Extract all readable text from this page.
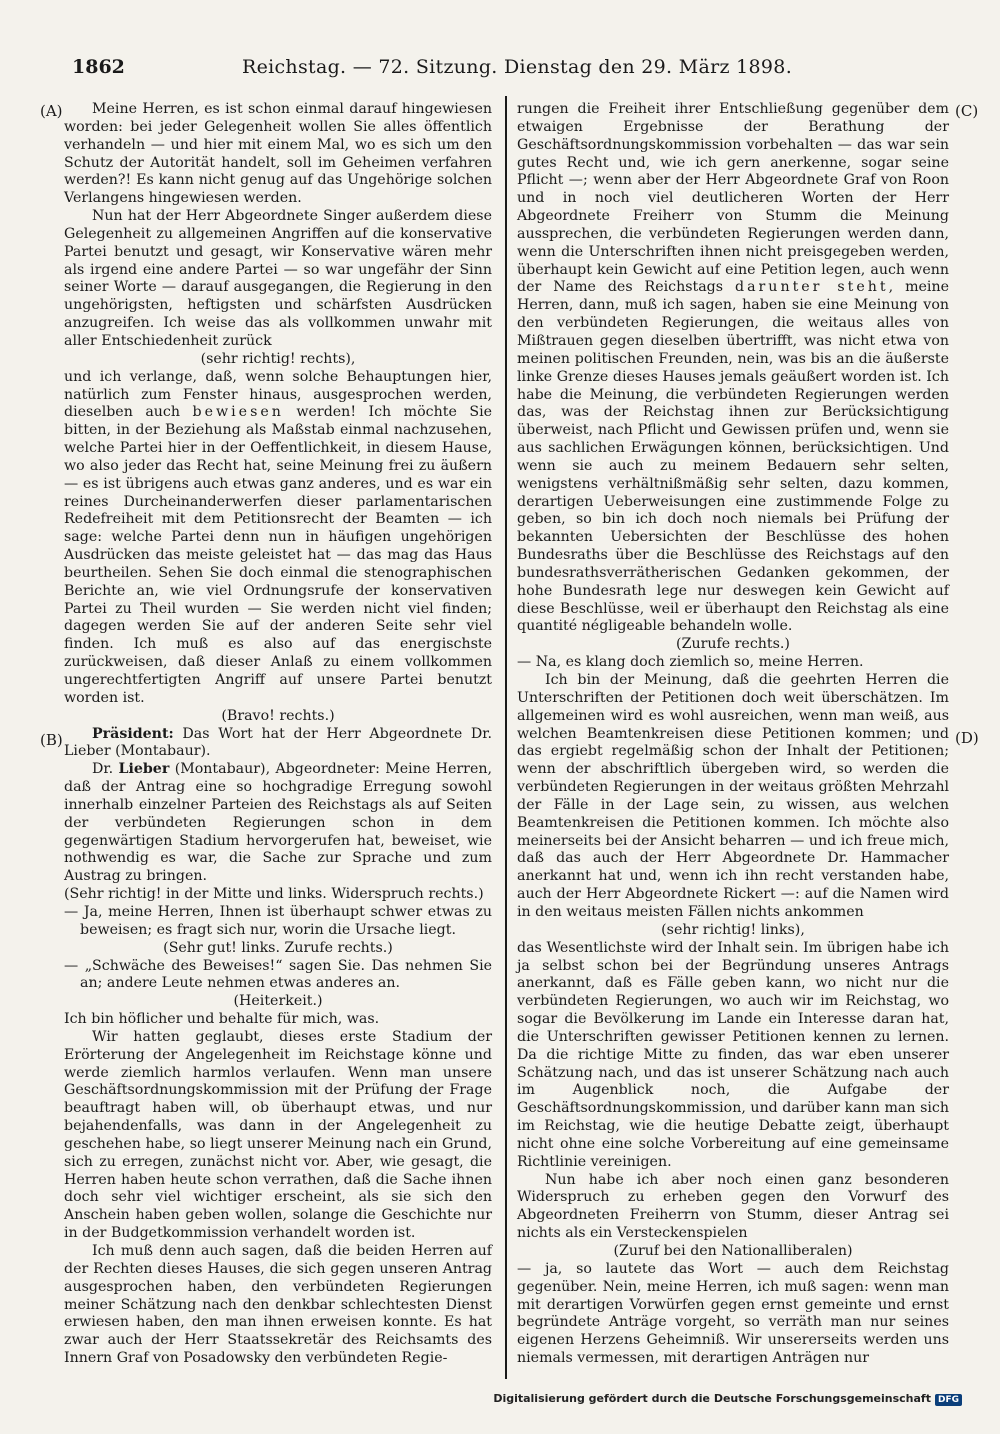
1862	Reichstag. — 72. Sitzung. Dienstag den 29. März 1898.
(A)
(B)
(C)
(D)

Meine Herren, es ist schon einmal darauf hingewiesen worden: bei jeder Gelegenheit wollen Sie alles öffentlich verhandeln — und hier mit einem Mal, wo es sich um den Schutz der Autorität handelt, soll im Geheimen verfahren werden?! Es kann nicht genug auf das Ungehörige solchen Verlangens hingewiesen werden.

Nun hat der Herr Abgeordnete Singer außerdem diese Gelegenheit zu allgemeinen Angriffen auf die konservative Partei benutzt und gesagt, wir Konservative wären mehr als irgend eine andere Partei — so war ungefähr der Sinn seiner Worte — darauf ausgegangen, die Regierung in den ungehörigsten, heftigsten und schärfsten Ausdrücken anzugreifen. Ich weise das als vollkommen unwahr mit aller Entschiedenheit zurück

(sehr richtig! rechts),

und ich verlange, daß, wenn solche Behauptungen hier, natürlich zum Fenster hinaus, ausgesprochen werden, dieselben auch bewiesen werden! Ich möchte Sie bitten, in der Beziehung als Maßstab einmal nachzusehen, welche Partei hier in der Oeffentlichkeit, in diesem Hause, wo also jeder das Recht hat, seine Meinung frei zu äußern — es ist übrigens auch etwas ganz anderes, und es war ein reines Durcheinanderwerfen dieser parlamentarischen Redefreiheit mit dem Petitionsrecht der Beamten — ich sage: welche Partei denn nun in häufigen ungehörigen Ausdrücken das meiste geleistet hat — das mag das Haus beurtheilen. Sehen Sie doch einmal die stenographischen Berichte an, wie viel Ordnungsrufe der konservativen Partei zu Theil wurden — Sie werden nicht viel finden; dagegen werden Sie auf der anderen Seite sehr viel finden. Ich muß es also auf das energischste zurückweisen, daß dieser Anlaß zu einem vollkommen ungerechtfertigten Angriff auf unsere Partei benutzt worden ist.

(Bravo! rechts.)

Präsident: Das Wort hat der Herr Abgeordnete Dr. Lieber (Montabaur).

Dr. Lieber (Montabaur), Abgeordneter: Meine Herren, daß der Antrag eine so hochgradige Erregung sowohl innerhalb einzelner Parteien des Reichstags als auf Seiten der verbündeten Regierungen schon in dem gegenwärtigen Stadium hervorgerufen hat, beweiset, wie nothwendig es war, die Sache zur Sprache und zum Austrag zu bringen.

(Sehr richtig! in der Mitte und links. Widerspruch rechts.)

— Ja, meine Herren, Ihnen ist überhaupt schwer etwas zu beweisen; es fragt sich nur, worin die Ursache liegt.

(Sehr gut! links. Zurufe rechts.)

— „Schwäche des Beweises!“ sagen Sie. Das nehmen Sie an; andere Leute nehmen etwas anderes an.

(Heiterkeit.)

Ich bin höflicher und behalte für mich, was.

Wir hatten geglaubt, dieses erste Stadium der Erörterung der Angelegenheit im Reichstage könne und werde ziemlich harmlos verlaufen. Wenn man unsere Geschäftsordnungskommission mit der Prüfung der Frage beauftragt haben will, ob überhaupt etwas, und nur bejahendenfalls, was dann in der Angelegenheit zu geschehen habe, so liegt unserer Meinung nach ein Grund, sich zu erregen, zunächst nicht vor. Aber, wie gesagt, die Herren haben heute schon verrathen, daß die Sache ihnen doch sehr viel wichtiger erscheint, als sie sich den Anschein haben geben wollen, solange die Geschichte nur in der Budgetkommission verhandelt worden ist.

Ich muß denn auch sagen, daß die beiden Herren auf der Rechten dieses Hauses, die sich gegen unseren Antrag ausgesprochen haben, den verbündeten Regierungen meiner Schätzung nach den denkbar schlechtesten Dienst erwiesen haben, den man ihnen erweisen konnte. Es hat zwar auch der Herr Staatssekretär des Reichsamts des Innern Graf von Posadowsky den verbündeten Regie-

rungen die Freiheit ihrer Entschließung gegenüber dem etwaigen Ergebnisse der Berathung der Geschäftsordnungskommission vorbehalten — das war sein gutes Recht und, wie ich gern anerkenne, sogar seine Pflicht —; wenn aber der Herr Abgeordnete Graf von Roon und in noch viel deutlicheren Worten der Herr Abgeordnete Freiherr von Stumm die Meinung aussprechen, die verbündeten Regierungen werden dann, wenn die Unterschriften ihnen nicht preisgegeben werden, überhaupt kein Gewicht auf eine Petition legen, auch wenn der Name des Reichstags darunter steht, meine Herren, dann, muß ich sagen, haben sie eine Meinung von den verbündeten Regierungen, die weitaus alles von Mißtrauen gegen dieselben übertrifft, was nicht etwa von meinen politischen Freunden, nein, was bis an die äußerste linke Grenze dieses Hauses jemals geäußert worden ist. Ich habe die Meinung, die verbündeten Regierungen werden das, was der Reichstag ihnen zur Berücksichtigung überweist, nach Pflicht und Gewissen prüfen und, wenn sie aus sachlichen Erwägungen können, berücksichtigen. Und wenn sie auch zu meinem Bedauern sehr selten, wenigstens verhältnißmäßig sehr selten, dazu kommen, derartigen Ueberweisungen eine zustimmende Folge zu geben, so bin ich doch noch niemals bei Prüfung der bekannten Uebersichten der Beschlüsse des hohen Bundesraths über die Beschlüsse des Reichstags auf den bundesrathsverrätherischen Gedanken gekommen, der hohe Bundesrath lege nur deswegen kein Gewicht auf diese Beschlüsse, weil er überhaupt den Reichstag als eine quantité négligeable behandeln wolle.

(Zurufe rechts.)

— Na, es klang doch ziemlich so, meine Herren.

Ich bin der Meinung, daß die geehrten Herren die Unterschriften der Petitionen doch weit überschätzen. Im allgemeinen wird es wohl ausreichen, wenn man weiß, aus welchen Beamtenkreisen diese Petitionen kommen; und das ergiebt regelmäßig schon der Inhalt der Petitionen; wenn der abschriftlich übergeben wird, so werden die verbündeten Regierungen in der weitaus größten Mehrzahl der Fälle in der Lage sein, zu wissen, aus welchen Beamtenkreisen die Petitionen kommen. Ich möchte also meinerseits bei der Ansicht beharren — und ich freue mich, daß das auch der Herr Abgeordnete Dr. Hammacher anerkannt hat und, wenn ich ihn recht verstanden habe, auch der Herr Abgeordnete Rickert —: auf die Namen wird in den weitaus meisten Fällen nichts ankommen

(sehr richtig! links),

das Wesentlichste wird der Inhalt sein. Im übrigen habe ich ja selbst schon bei der Begründung unseres Antrags anerkannt, daß es Fälle geben kann, wo nicht nur die verbündeten Regierungen, wo auch wir im Reichstag, wo sogar die Bevölkerung im Lande ein Interesse daran hat, die Unterschriften gewisser Petitionen kennen zu lernen. Da die richtige Mitte zu finden, das war eben unserer Schätzung nach, und das ist unserer Schätzung nach auch im Augenblick noch, die Aufgabe der Geschäftsordnungskommission, und darüber kann man sich im Reichstag, wie die heutige Debatte zeigt, überhaupt nicht ohne eine solche Vorbereitung auf eine gemeinsame Richtlinie vereinigen.

Nun habe ich aber noch einen ganz besonderen Widerspruch zu erheben gegen den Vorwurf des Abgeordneten Freiherrn von Stumm, dieser Antrag sei nichts als ein Versteckenspielen

(Zuruf bei den Nationalliberalen)

— ja, so lautete das Wort — auch dem Reichstag gegenüber. Nein, meine Herren, ich muß sagen: wenn man mit derartigen Vorwürfen gegen ernst gemeinte und ernst begründete Anträge vorgeht, so verräth man nur seines eigenen Herzens Geheimniß. Wir unsererseits werden uns niemals vermessen, mit derartigen Anträgen nur

Digitalisierung gefördert durch die Deutsche Forschungsgemeinschaft DFG
